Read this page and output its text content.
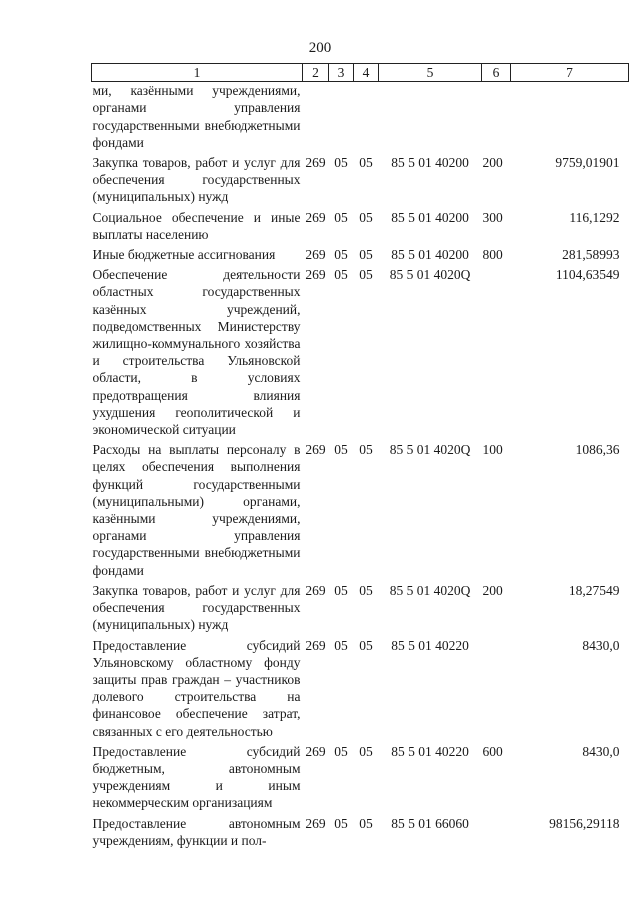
200
1	2	3	4	5	6	7
ми, казёнными учреждениями, органами управления государственными внебюджетными фондами						

Закупка товаров, работ и услуг для обеспечения государственных (муниципальных) нужд	269	05	05	85 5 01 40200	200	9759,01901

Социальное обеспечение и иные выплаты населению	269	05	05	85 5 01 40200	300	116,1292

Иные бюджетные ассигнования	269	05	05	85 5 01 40200	800	281,58993

Обеспечение деятельности областных государственных казённых учреждений, подведомственных Министерству жилищно-коммунального хозяйства и строительства Ульяновской области, в условиях предотвращения влияния ухудшения геополитической и экономической ситуации	269	05	05	85 5 01 4020Q		1104,63549

Расходы на выплаты персоналу в целях обеспечения выполнения функций государственными (муниципальными) органами, казёнными учреждениями, органами управления государственными внебюджетными фондами	269	05	05	85 5 01 4020Q	100	1086,36

Закупка товаров, работ и услуг для обеспечения государственных (муниципальных) нужд	269	05	05	85 5 01 4020Q	200	18,27549

Предоставление субсидий Ульяновскому областному фонду защиты прав граждан – участников долевого строительства на финансовое обеспечение затрат, связанных с его деятельностью	269	05	05	85 5 01 40220		8430,0

Предоставление субсидий бюджетным, автономным учреждениям и иным некоммерческим организациям	269	05	05	85 5 01 40220	600	8430,0

Предоставление автономным учреждениям, функции и пол-	269	05	05	85 5 01 66060		98156,29118
